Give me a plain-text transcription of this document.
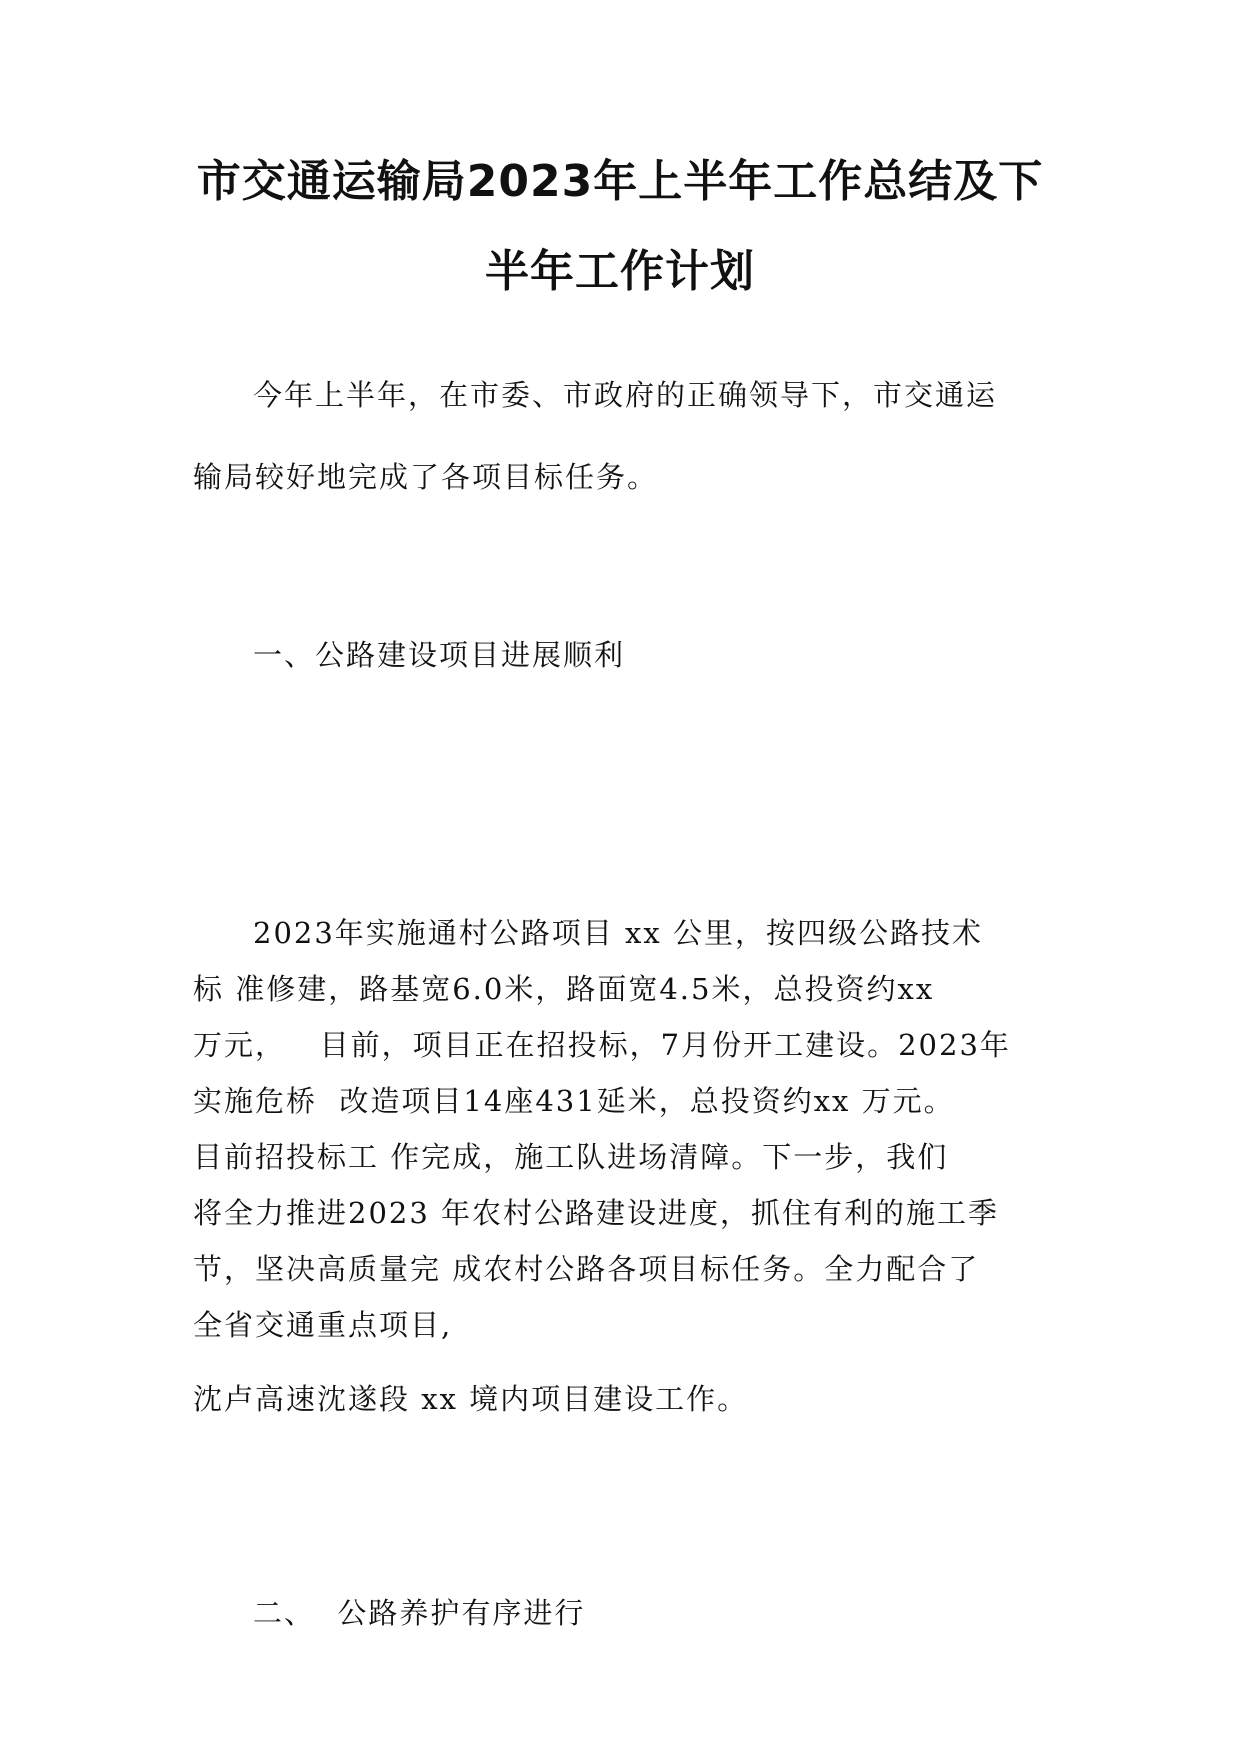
市交通运输局2023年上半年工作总结及下
半年工作计划

今年上半年，在市委、市政府的正确领导下，市交通运

输局较好地完成了各项目标任务。

一、公路建设项目进展顺利

2023年实施通村公路项目 xx 公里，按四级公路技术

标 准修建，路基宽6.0米，路面宽4.5米，总投资约xx

万元，   目前，项目正在招投标，7月份开工建设。2023年

实施危桥  改造项目14座431延米，总投资约xx 万元。

目前招投标工 作完成，施工队进场清障。下一步，我们

将全力推进2023 年农村公路建设进度，抓住有利的施工季

节，坚决高质量完 成农村公路各项目标任务。全力配合了

全省交通重点项目,

沈卢高速沈遂段 xx 境内项目建设工作。

二、  公路养护有序进行
